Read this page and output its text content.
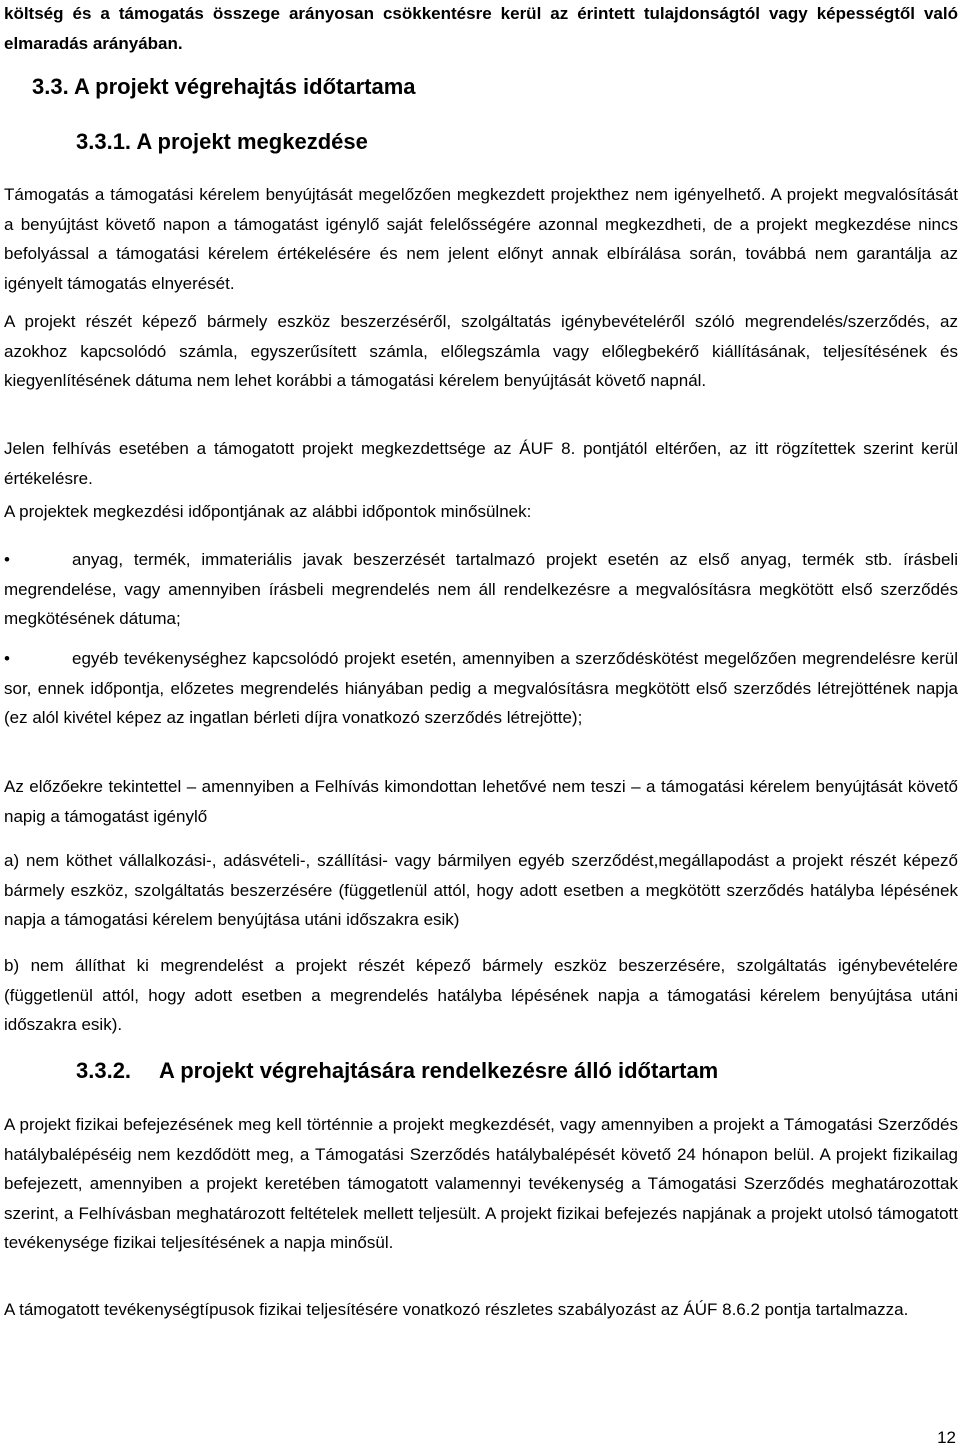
költség és a támogatás összege arányosan csökkentésre kerül az érintett tulajdonságtól vagy képességtől való elmaradás arányában.

3.3. A projekt végrehajtás időtartama
3.3.1. A projekt megkezdése

Támogatás a támogatási kérelem benyújtását megelőzően megkezdett projekthez nem igényelhető. A projekt megvalósítását a benyújtást követő napon a támogatást igénylő saját felelősségére azonnal megkezdheti, de a projekt megkezdése nincs befolyással a támogatási kérelem értékelésére és nem jelent előnyt annak elbírálása során, továbbá nem garantálja az igényelt támogatás elnyerését.

A projekt részét képező bármely eszköz beszerzéséről, szolgáltatás igénybevételéről szóló megrendelés/szerződés, az azokhoz kapcsolódó számla, egyszerűsített számla, előlegszámla vagy előlegbekérő kiállításának, teljesítésének és kiegyenlítésének dátuma nem lehet korábbi a támogatási kérelem benyújtását követő napnál.

Jelen felhívás esetében a támogatott projekt megkezdettsége az ÁUF 8. pontjától eltérően, az itt rögzítettek szerint kerül értékelésre.

A projektek megkezdési időpontjának az alábbi időpontok minősülnek:

•	anyag, termék, immateriális javak beszerzését tartalmazó projekt esetén az első anyag, termék stb. írásbeli megrendelése, vagy amennyiben írásbeli megrendelés nem áll rendelkezésre a megvalósításra megkötött első szerződés megkötésének dátuma;

•	egyéb tevékenységhez kapcsolódó projekt esetén, amennyiben a szerződéskötést megelőzően megrendelésre kerül sor, ennek időpontja, előzetes megrendelés hiányában pedig a megvalósításra megkötött első szerződés létrejöttének napja (ez alól kivétel képez az ingatlan bérleti díjra vonatkozó szerződés létrejötte);

Az előzőekre tekintettel – amennyiben a Felhívás kimondottan lehetővé nem teszi – a támogatási kérelem benyújtását követő napig a támogatást igénylő

a) nem köthet vállalkozási-, adásvételi-, szállítási- vagy bármilyen egyéb szerződést,megállapodást a projekt részét képező bármely eszköz, szolgáltatás beszerzésére (függetlenül attól, hogy adott esetben a megkötött szerződés hatályba lépésének napja a támogatási kérelem benyújtása utáni időszakra esik)

b) nem állíthat ki megrendelést a projekt részét képező bármely eszköz beszerzésére, szolgáltatás igénybevételére (függetlenül attól, hogy adott esetben a megrendelés hatályba lépésének napja a támogatási kérelem benyújtása utáni időszakra esik).

3.3.2. A projekt végrehajtására rendelkezésre álló időtartam

A projekt fizikai befejezésének meg kell történnie a projekt megkezdését, vagy amennyiben a projekt a Támogatási Szerződés hatálybalépéséig nem kezdődött meg, a Támogatási Szerződés hatálybalépését követő 24 hónapon belül. A projekt fizikailag befejezett, amennyiben a projekt keretében támogatott valamennyi tevékenység a Támogatási Szerződés meghatározottak szerint, a Felhívásban meghatározott feltételek mellett teljesült. A projekt fizikai befejezés napjának a projekt utolsó támogatott tevékenysége fizikai teljesítésének a napja minősül.

A támogatott tevékenységtípusok fizikai teljesítésére vonatkozó részletes szabályozást az ÁÚF 8.6.2 pontja tartalmazza.

12
